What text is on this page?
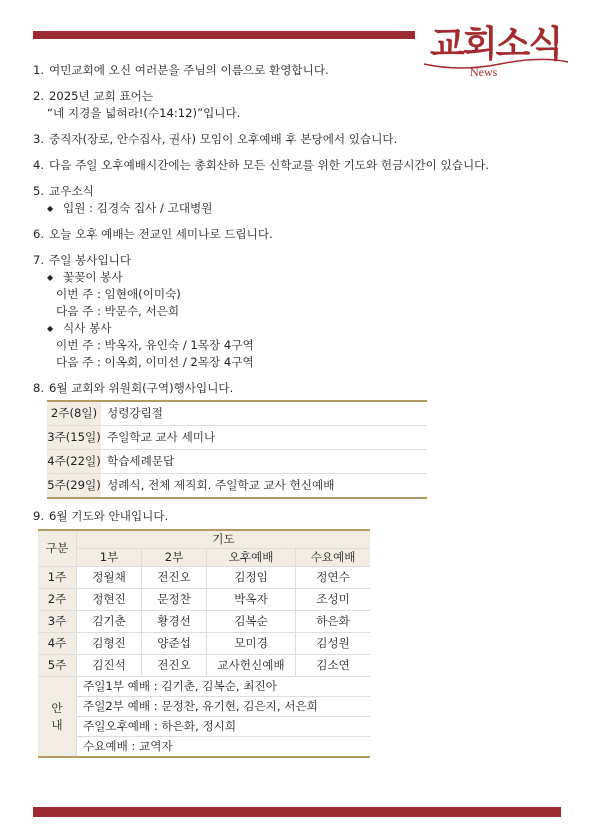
교회소식
News
1. 여민교회에 오신 여러분을 주님의 이름으로 환영합니다.
2. 2025년 교회 표어는
“네 지경을 넓혀라!(수14:12)”입니다.
3. 중직자(장로, 안수집사, 권사) 모임이 오후예배 후 본당에서 있습니다.
4. 다음 주일 오후예배시간에는 총회산하 모든 신학교를 위한 기도와 헌금시간이 있습니다.
5. 교우소식
◆ 입원 : 김경숙 집사 / 고대병원
6. 오늘 오후 예배는 전교인 세미나로 드립니다.
7. 주일 봉사입니다
◆ 꽃꽂이 봉사
이번 주 : 임현애(이미숙)
다음 주 : 박문수, 서은희
◆ 식사 봉사
이번 주 : 박옥자, 유인숙 / 1목장 4구역
다음 주 : 이옥희, 이미선 / 2목장 4구역
8. 6월 교회와 위원회(구역)행사입니다.
2주(8일)	성령강림절
3주(15일)	주일학교 교사 세미나
4주(22일)	학습세례문답
5주(29일)	성례식, 전체 제직회. 주일학교 교사 헌신예배
9. 6월 기도와 안내입니다.
구분	기도			
	1부	2부	오후예배	수요예배
1주	정월채	전진오	김정임	정연수
2주	정현진	문정찬	박옥자	조성미
3주	김기춘	황경선	김복순	하은화
4주	김형진	양준섭	모미경	김성원
5주	김진석	전진오	교사헌신예배	김소연
안
내	주일1부 예배 : 김기춘, 김복순, 최진아			
	주일2부 예배 : 문정찬, 유기현, 김은지, 서은희			
	주일오후예배 : 하은화, 정시희			
	수요예배 : 교역자			
